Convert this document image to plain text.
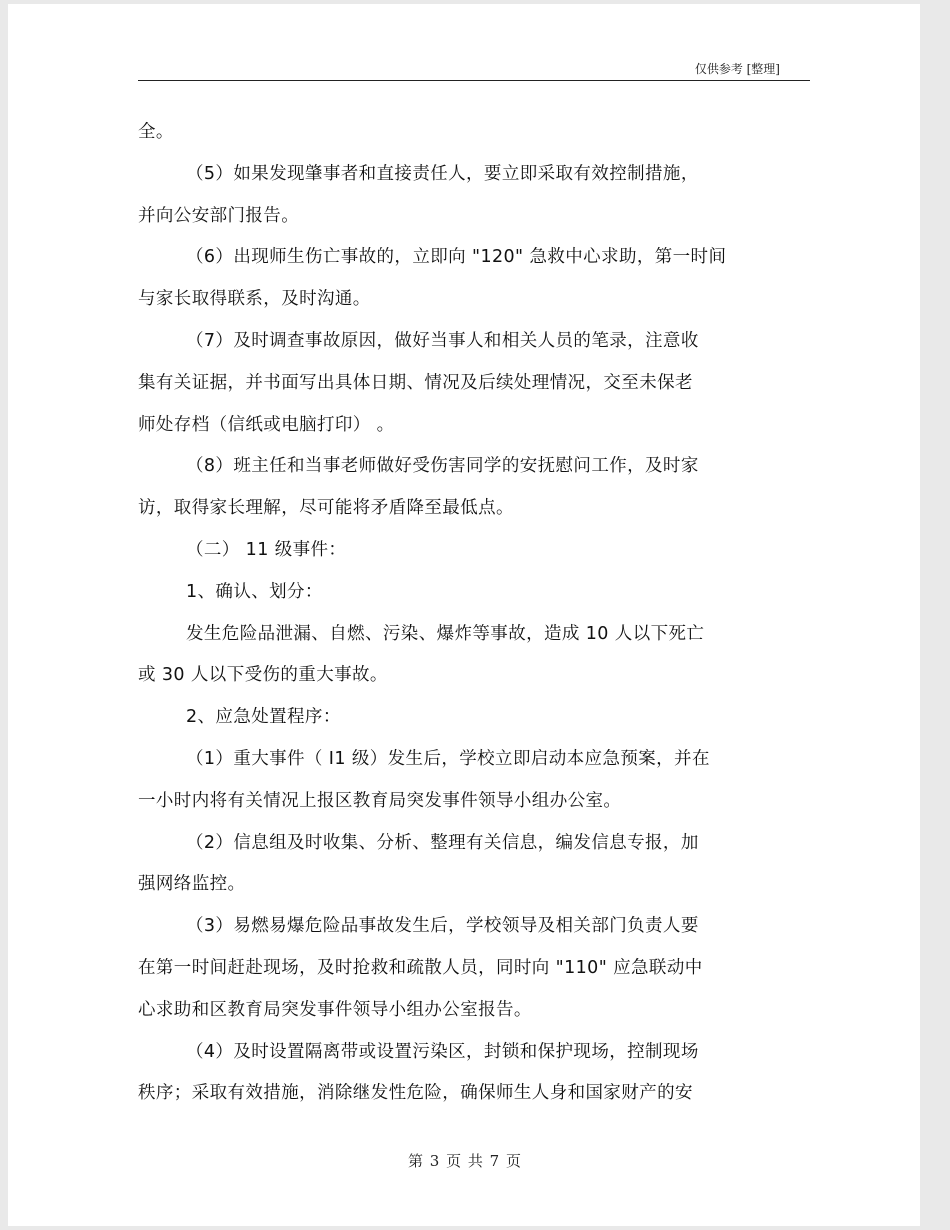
仅供参考 [整理]
全。
（5）如果发现肇事者和直接责任人，要立即采取有效控制措施，
并向公安部门报告。
（6）出现师生伤亡事故的，立即向 "120" 急救中心求助，第一时间
与家长取得联系，及时沟通。
（7）及时调查事故原因，做好当事人和相关人员的笔录，注意收
集有关证据，并书面写出具体日期、情况及后续处理情况，交至未保老
师处存档（信纸或电脑打印） 。
（8）班主任和当事老师做好受伤害同学的安抚慰问工作，及时家
访，取得家长理解，尽可能将矛盾降至最低点。
（二） 11 级事件：
1、确认、划分：
发生危险品泄漏、自燃、污染、爆炸等事故，造成 10 人以下死亡
或 30 人以下受伤的重大事故。
2、应急处置程序：
（1）重大事件（ I1 级）发生后，学校立即启动本应急预案，并在
一小时内将有关情况上报区教育局突发事件领导小组办公室。
（2）信息组及时收集、分析、整理有关信息，编发信息专报，加
强网络监控。
（3）易燃易爆危险品事故发生后，学校领导及相关部门负责人要
在第一时间赶赴现场，及时抢救和疏散人员，同时向 "110" 应急联动中
心求助和区教育局突发事件领导小组办公室报告。
（4）及时设置隔离带或设置污染区，封锁和保护现场，控制现场
秩序；采取有效措施，消除继发性危险，确保师生人身和国家财产的安
第 3 页 共 7 页
